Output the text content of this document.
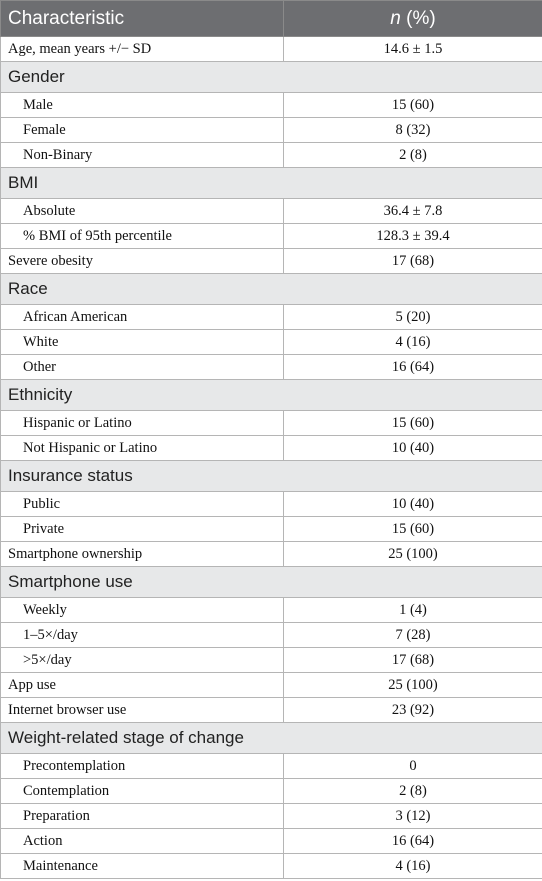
Characteristic	n (%)
Age, mean years +/− SD	14.6 ± 1.5
Gender	
Male	15 (60)
Female	8 (32)
Non-Binary	2 (8)
BMI	
Absolute	36.4 ± 7.8
% BMI of 95th percentile	128.3 ± 39.4
Severe obesity	17 (68)
Race	
African American	5 (20)
White	4 (16)
Other	16 (64)
Ethnicity	
Hispanic or Latino	15 (60)
Not Hispanic or Latino	10 (40)
Insurance status	
Public	10 (40)
Private	15 (60)
Smartphone ownership	25 (100)
Smartphone use	
Weekly	1 (4)
1–5×/day	7 (28)
>5×/day	17 (68)
App use	25 (100)
Internet browser use	23 (92)
Weight-related stage of change	
Precontemplation	0
Contemplation	2 (8)
Preparation	3 (12)
Action	16 (64)
Maintenance	4 (16)
